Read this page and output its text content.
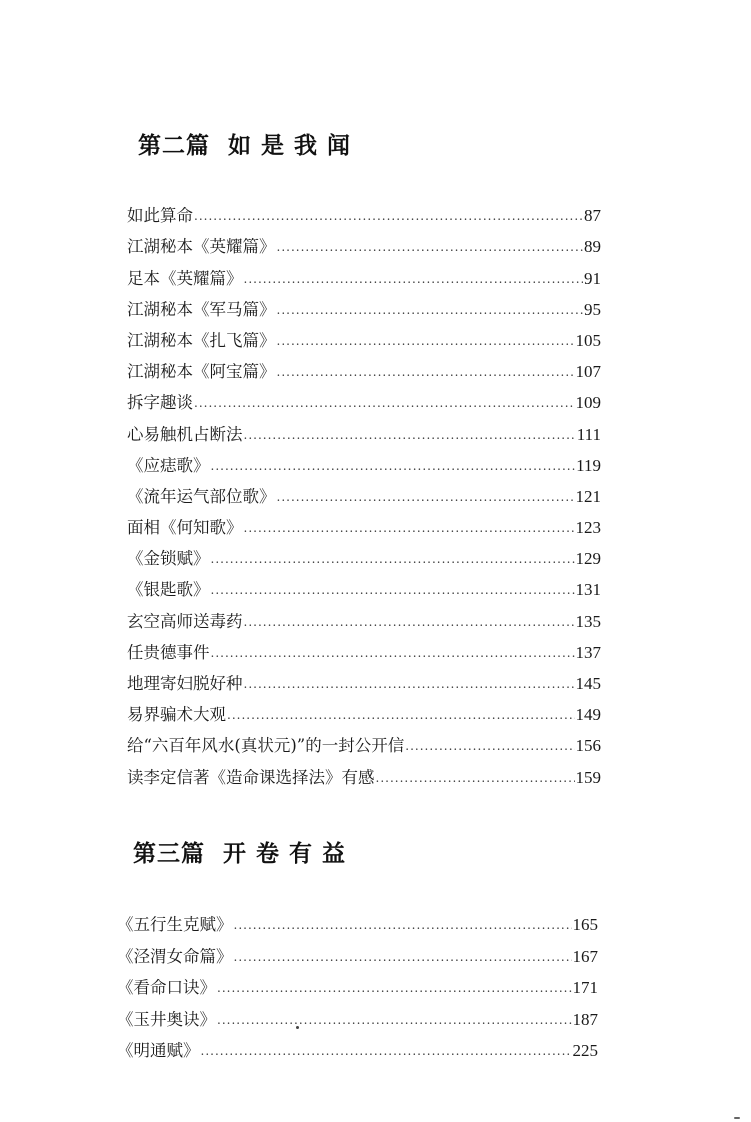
第二篇  如 是 我 闻
如此算命 .....	87
江湖秘本《英耀篇》 .....	89
足本《英耀篇》 .....	91
江湖秘本《军马篇》 .....	95
江湖秘本《扎飞篇》 .....	105
江湖秘本《阿宝篇》 .....	107
拆字趣谈 .....	109
心易触机占断法 .....	111
《应痣歌》 .....	119
《流年运气部位歌》 .....	121
面相《何知歌》 .....	123
《金锁赋》 .....	129
《银匙歌》 .....	131
玄空高师送毒药 .....	135
任贵德事件 .....	137
地理寄妇脱好种 .....	145
易界骗术大观 .....	149
给“六百年风水(真状元)”的一封公开信 .....	156
读李定信著《造命课选择法》有感 .....	159
第三篇  开 卷 有 益
《五行生克赋》 .....	165
《泾渭女命篇》 .....	167
《看命口诀》 .....	171
《玉井奥诀》 .....	187
《明通赋》 .....	225
